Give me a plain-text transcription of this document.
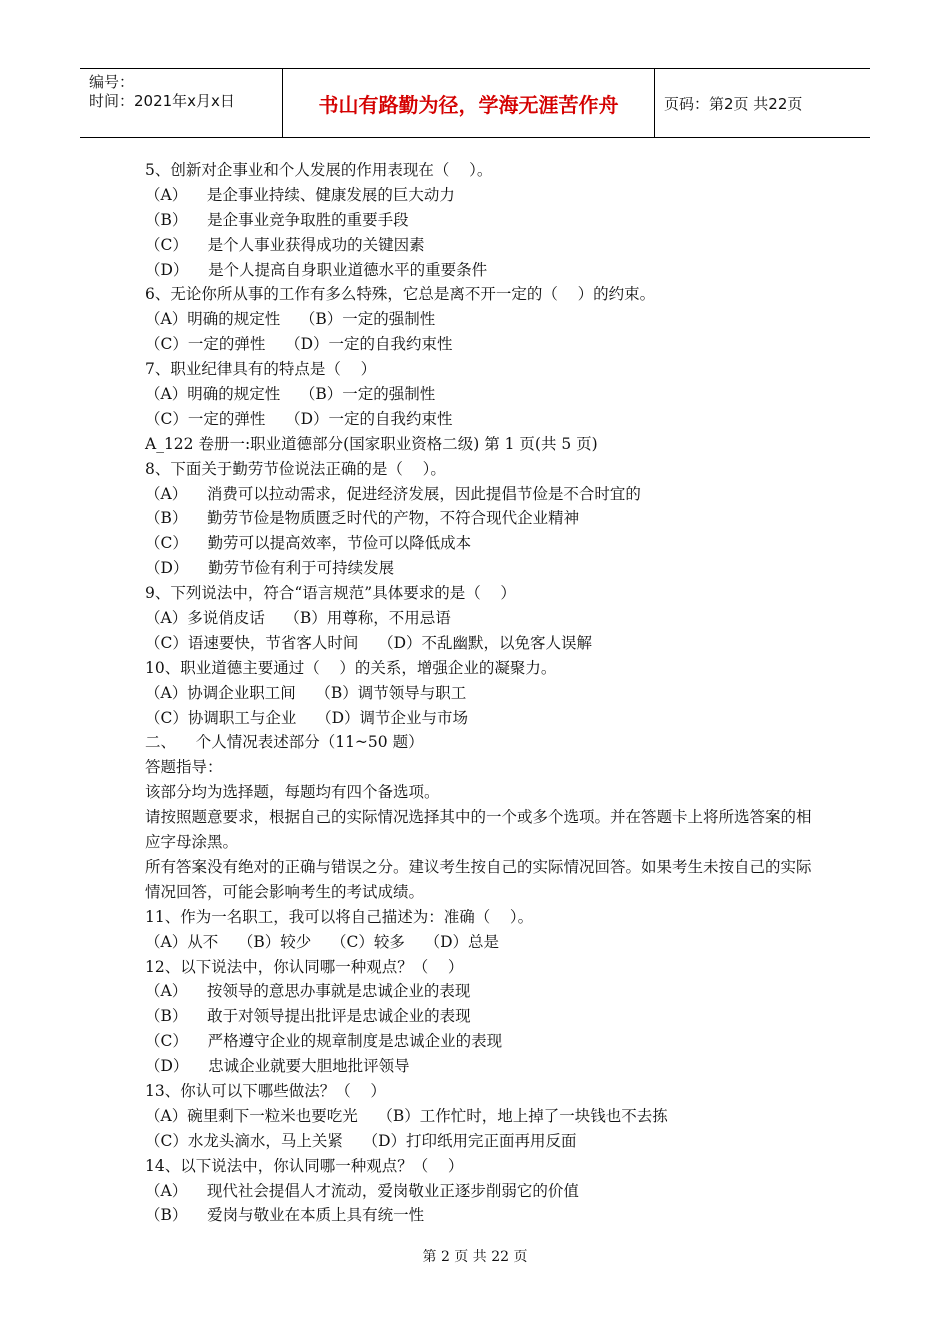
编号：
时间：2021年x月x日	书山有路勤为径，学海无涯苦作舟	页码：第2页 共22页
5、创新对企事业和个人发展的作用表现在（    ）。
（A）    是企事业持续、健康发展的巨大动力
（B）    是企事业竞争取胜的重要手段
（C）    是个人事业获得成功的关键因素
（D）    是个人提高自身职业道德水平的重要条件
6、无论你所从事的工作有多么特殊，它总是离不开一定的（    ）的约束。
（A）明确的规定性    （B）一定的强制性
（C）一定的弹性    （D）一定的自我约束性
7、职业纪律具有的特点是（    ）
（A）明确的规定性    （B）一定的强制性
（C）一定的弹性    （D）一定的自我约束性
A_122 卷册一:职业道德部分(国家职业资格二级) 第 1 页(共 5 页)
8、下面关于勤劳节俭说法正确的是（    ）。
（A）    消费可以拉动需求，促进经济发展，因此提倡节俭是不合时宜的
（B）    勤劳节俭是物质匮乏时代的产物，不符合现代企业精神
（C）    勤劳可以提高效率，节俭可以降低成本
（D）    勤劳节俭有利于可持续发展
9、下列说法中，符合“语言规范”具体要求的是（    ）
（A）多说俏皮话    （B）用尊称，不用忌语
（C）语速要快，节省客人时间    （D）不乱幽默，以免客人误解
10、职业道德主要通过（    ）的关系，增强企业的凝聚力。
（A）协调企业职工间    （B）调节领导与职工
（C）协调职工与企业    （D）调节企业与市场
二、    个人情况表述部分（11~50 题）
答题指导：
该部分均为选择题，每题均有四个备选项。
请按照题意要求，根据自己的实际情况选择其中的一个或多个选项。并在答题卡上将所选答案的相应字母涂黑。
所有答案没有绝对的正确与错误之分。建议考生按自己的实际情况回答。如果考生未按自己的实际情况回答，可能会影响考生的考试成绩。
11、作为一名职工，我可以将自己描述为：准确（    ）。
（A）从不    （B）较少    （C）较多    （D）总是
12、以下说法中，你认同哪一种观点？（    ）
（A）    按领导的意思办事就是忠诚企业的表现
（B）    敢于对领导提出批评是忠诚企业的表现
（C）    严格遵守企业的规章制度是忠诚企业的表现
（D）    忠诚企业就要大胆地批评领导
13、你认可以下哪些做法？（    ）
（A）碗里剩下一粒米也要吃光    （B）工作忙时，地上掉了一块钱也不去拣
（C）水龙头滴水，马上关紧    （D）打印纸用完正面再用反面
14、以下说法中，你认同哪一种观点？（    ）
（A）    现代社会提倡人才流动，爱岗敬业正逐步削弱它的价值
（B）    爱岗与敬业在本质上具有统一性
第 2 页 共 22 页
